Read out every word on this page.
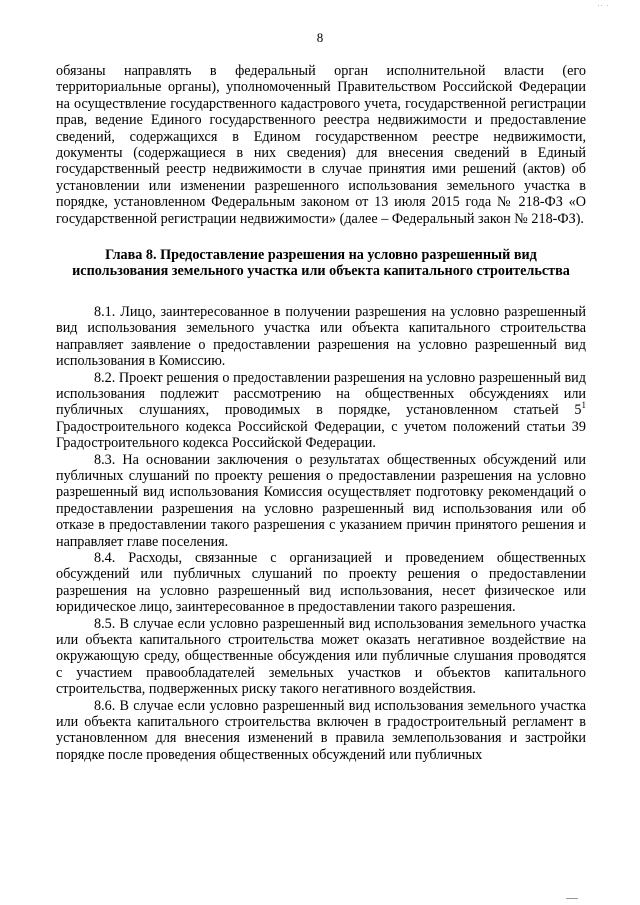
·· ·
8

обязаны направлять в федеральный орган исполнительной власти (его территориальные органы), уполномоченный Правительством Российской Федерации на осуществление государственного кадастрового учета, государственной регистрации прав, ведение Единого государственного реестра недвижимости и предоставление сведений, содержащихся в Едином государственном реестре недвижимости, документы (содержащиеся в них сведения) для внесения сведений в Единый государственный реестр недвижимости в случае принятия ими решений (актов) об установлении или изменении разрешенного использования земельного участка в порядке, установленном Федеральным законом от 13 июля 2015 года № 218-ФЗ «О государственной регистрации недвижимости» (далее – Федеральный закон № 218-ФЗ).

Глава 8. Предоставление разрешения на условно разрешенный вид использования земельного участка или объекта капитального строительства

8.1. Лицо, заинтересованное в получении разрешения на условно разрешенный вид использования земельного участка или объекта капитального строительства направляет заявление о предоставлении разрешения на условно разрешенный вид использования в Комиссию.

8.2. Проект решения о предоставлении разрешения на условно разрешенный вид использования подлежит рассмотрению на общественных обсуждениях или публичных слушаниях, проводимых в порядке, установленном статьей $5^1$ Градостроительного кодекса Российской Федерации, с учетом положений статьи 39 Градостроительного кодекса Российской Федерации.

8.3. На основании заключения о результатах общественных обсуждений или публичных слушаний по проекту решения о предоставлении разрешения на условно разрешенный вид использования Комиссия осуществляет подготовку рекомендаций о предоставлении разрешения на условно разрешенный вид использования или об отказе в предоставлении такого разрешения с указанием причин принятого решения и направляет главе поселения.

8.4. Расходы, связанные с организацией и проведением общественных обсуждений или публичных слушаний по проекту решения о предоставлении разрешения на условно разрешенный вид использования, несет физическое или юридическое лицо, заинтересованное в предоставлении такого разрешения.

8.5. В случае если условно разрешенный вид использования земельного участка или объекта капитального строительства может оказать негативное воздействие на окружающую среду, общественные обсуждения или публичные слушания проводятся с участием правообладателей земельных участков и объектов капитального строительства, подверженных риску такого негативного воздействия.

8.6. В случае если условно разрешенный вид использования земельного участка или объекта капитального строительства включен в градостроительный регламент в установленном для внесения изменений в правила землепользования и застройки порядке после проведения общественных обсуждений или публичных
